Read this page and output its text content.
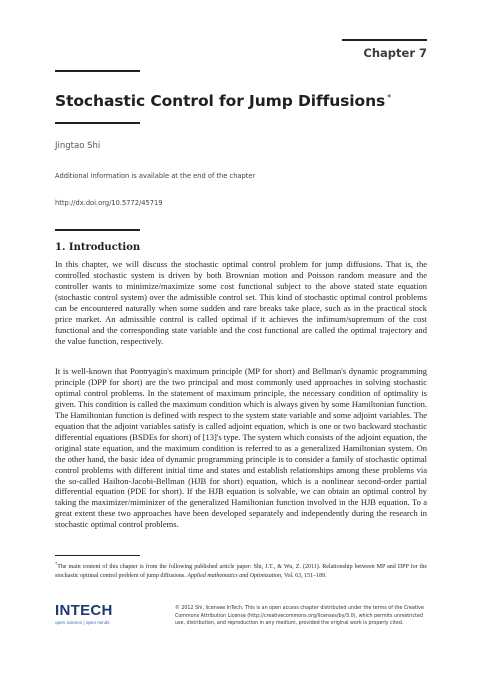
Chapter 7
Stochastic Control for Jump Diffusions *
Jingtao Shi
Additional information is available at the end of the chapter
http://dx.doi.org/10.5772/45719
1. Introduction

In this chapter, we will discuss the stochastic optimal control problem for jump diffusions. That is, the controlled stochastic system is driven by both Brownian motion and Poisson random measure and the controller wants to minimize/maximize some cost functional subject to the above stated state equation (stochastic control system) over the admissible control set. This kind of stochastic optimal control problems can be encountered naturally when some sudden and rare breaks take place, such as in the practical stock price market. An admissible control is called optimal if it achieves the infimum/supremum of the cost functional and the corresponding state variable and the cost functional are called the optimal trajectory and the value function, respectively.

It is well-known that Pontryagin's maximum principle (MP for short) and Bellman's dynamic programming principle (DPP for short) are the two principal and most commonly used approaches in solving stochastic optimal control problems. In the statement of maximum principle, the necessary condition of optimality is given. This condition is called the maximum condition which is always given by some Hamiltonian function. The Hamiltonian function is defined with respect to the system state variable and some adjoint variables. The equation that the adjoint variables satisfy is called adjoint equation, which is one or two backward stochastic differential equations (BSDEs for short) of [13]'s type. The system which consists of the adjoint equation, the original state equation, and the maximum condition is referred to as a generalized Hamiltonian system. On the other hand, the basic idea of dynamic programming principle is to consider a family of stochastic optimal control problems with different initial time and states and establish relationships among these problems via the so-called Hailton-Jacobi-Bellman (HJB for short) equation, which is a nonlinear second-order partial differential equation (PDE for short). If the HJB equation is solvable, we can obtain an optimal control by taking the maximizer/miminizer of the generalized Hamiltonian function involved in the HJB equation. To a great extent these two approaches have been developed separately and independently during the research in stochastic optimal control problems.

*The main content of this chapter is from the following published article paper: Shi, J.T., & Wu, Z. (2011). Relationship between MP and DPP for the stochastic optimal control problem of jump diffusions. Applied mathematics and Optimization, Vol. 63, 151–189.
INTECH
open science | open minds
© 2012 Shi, licensee InTech. This is an open access chapter distributed under the terms of the Creative Commons Attribution License (http://creativecommons.org/licenses/by/3.0), which permits unrestricted use, distribution, and reproduction in any medium, provided the original work is properly cited.
